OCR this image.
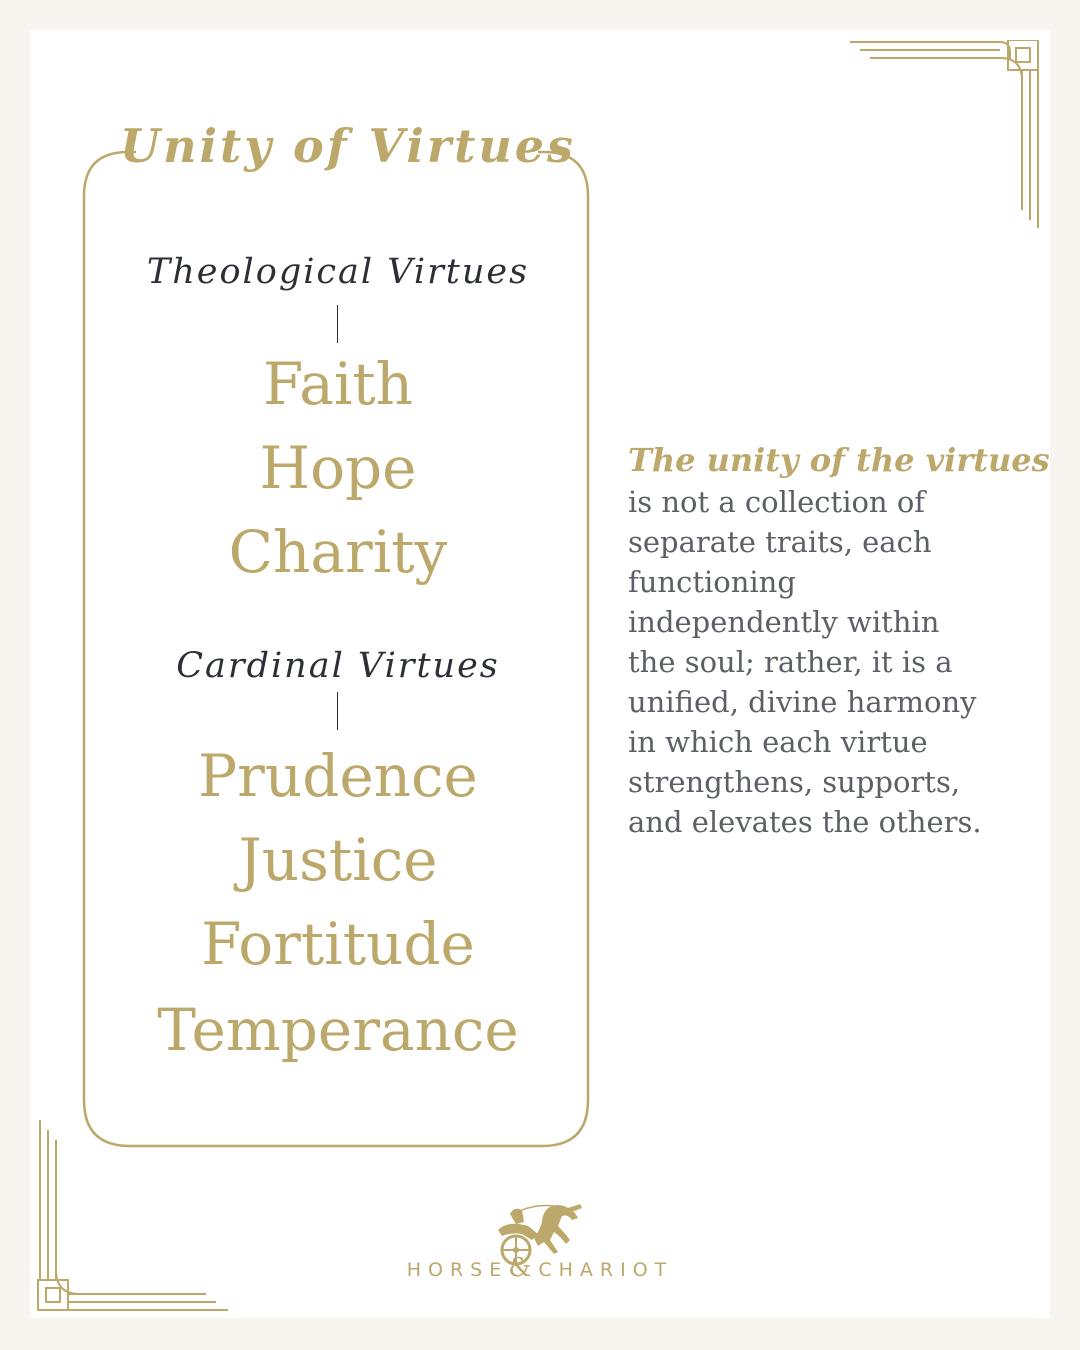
Unity of Virtues
Theological Virtues
Faith
Hope
Charity
Cardinal Virtues
Prudence
Justice
Fortitude
Temperance
The unity of the virtues
is not a collection of
separate traits, each
functioning
independently within
the soul; rather, it is a
unified, divine harmony
in which each virtue
strengthens, supports,
and elevates the others.
HORSE&CHARIOT
